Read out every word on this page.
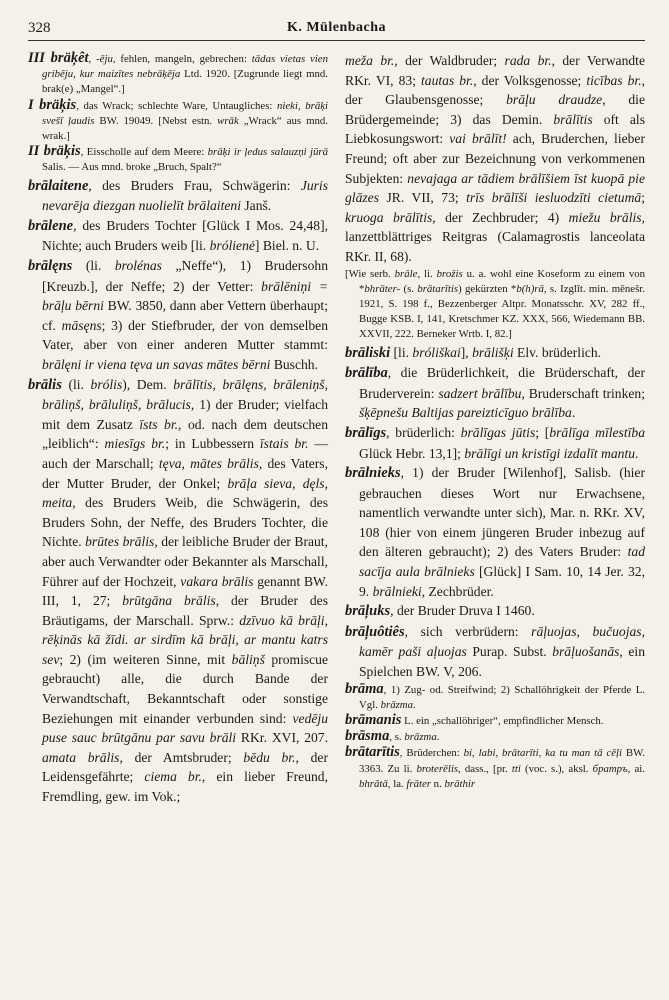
328	K. Mülenbacha

III bräķêt, -ēju, fehlen, mangeln, gebrechen: tādas vietas vien gribēju, kur maizītes nebrāķēja Ltd. 1920. [Zugrunde liegt mnd. brak(e) „Mangel“.]

I bräķis, das Wrack; schlechte Ware, Untaugliches: nieki, brāķi svešī ļaudis BW. 19049. [Nebst estn. wrāk „Wrack“ aus mnd. wrak.]

II bräķis, Eisscholle auf dem Meere: brāķi ir ļedus salauzņi jūrā Salis. — Aus mnd. broke „Bruch, Spalt?“

brālaitene, des Bruders Frau, Schwägerin: Juris nevarēja diezgan nuolielīt brālaiteni Janš.

brālene, des Bruders Tochter [Glück I Mos. 24,48], Nichte; auch Bruders weib [li. brólienė] Biel. n. U.

brālęns (li. brolénas „Neffe“), 1) Brudersohn [Kreuzb.], der Neffe; 2) der Vetter: brālēniņi = brāļu bērni BW. 3850, dann aber Vettern überhaupt; cf. māsęns; 3) der Stiefbruder, der von demselben Vater, aber von einer anderen Mutter stammt: brālęni ir viena tęva un savas mātes bērni Buschh.

brālis (li. brólis), Dem. brālītis, brālęns, brāleniņš, brāliņš, brāluliņš, brālucis, 1) der Bruder; vielfach mit dem Zusatz īsts br., od. nach dem deutschen „leiblich“: miesīgs br.; in Lubbessern īstais br. — auch der Marschall; tęva, mātes brālis, des Vaters, der Mutter Bruder, der Onkel; brāļa sieva, dęls, meita, des Bruders Weib, die Schwägerin, des Bruders Sohn, der Neffe, des Bruders Tochter, die Nichte. brūtes brālis, der leibliche Bruder der Braut, aber auch Verwandter oder Bekannter als Marschall, Führer auf der Hochzeit, vakara brālis genannt BW. III, 1, 27; brūtgāna brālis, der Bruder des Bräutigams, der Marschall. Sprw.: dzīvuo kā brāļi, rēķinās kā žīdi. ar sirdīm kā brāļi, ar mantu katrs sev; 2) (im weiteren Sinne, mit bāliņš promiscue gebraucht) alle, die durch Bande der Verwandtschaft, Bekanntschaft oder sonstige Beziehungen mit einander verbunden sind: vedēju puse sauc brūtgānu par savu brāli RKr. XVI, 207. amata brālis, der Amtsbruder; bēdu br., der Leidensgefährte; ciema br., ein lieber Freund, Fremdling, gew. im Vok.;

meža br., der Waldbruder; rada br., der Verwandte RKr. VI, 83; tautas br., der Volksgenosse; ticības br., der Glaubensgenosse; brāļu draudze, die Brüdergemeinde; 3) das Demin. brālītis oft als Liebkosungswort: vai brālīt! ach, Bruderchen, lieber Freund; oft aber zur Bezeichnung von verkommenen Subjekten: nevajaga ar tādiem brālīšiem īst kuopā pie glāzes JR. VII, 73; trīs brālīši iesluodzīti cietumā; kruoga brālītis, der Zechbruder; 4) miežu brālis, lanzettblättriges Reitgras (Calamagrostis lanceolata RKr. II, 68).

[Wie serb. brâle, li. brožis u. a. wohl eine Koseform zu einem von *bhrāter- (s. brātarītis) gekürzten *b(h)rā, s. Izglīt. min. mēnešr. 1921, S. 198 f., Bezzenberger Altpr. Monatsschr. XV, 282 ff., Bugge KSB. I, 141, Kretschmer KZ. XXX, 566, Wiedemann BB. XXVII, 222. Berneker Wrtb. I, 82.]

brāliski [li. bróliškai], brālišķi Elv. brüderlich.

brālība, die Brüderlichkeit, die Brüderschaft, der Bruderverein: sadzert brālību, Bruderschaft trinken; šķēpnešu Baltijas pareizticīguo brālība.

brālīgs, brüderlich: brālīgas jūtis; [brālīga mīlestība Glück Hebr. 13,1]; brālīgi un kristīgi izdalīt mantu.

brālnieks, 1) der Bruder [Wilenhof], Salisb. (hier gebrauchen dieses Wort nur Erwachsene, namentlich verwandte unter sich), Mar. n. RKr. XV, 108 (hier von einem jüngeren Bruder inbezug auf den älteren gebraucht); 2) des Vaters Bruder: tad sacīja aula brālnieks [Glück] I Sam. 10, 14 Jer. 32, 9. brālnieki, Zechbrüder.

brāļuks, der Bruder Druva I 1460.

brāļuôtiês, sich verbrüdern: rāļuojas, bučuojas, kamēr paši aļuojas Purap. Subst. brāļuošanās, ein Spielchen BW. V, 206.

brāma, 1) Zug- od. Streifwind; 2) Schallöhrigkeit der Pferde L. Vgl. brāzma.

brāmanis L. ein „schallöhriger“, empfindlicher Mensch.

brāsma, s. brāzma.

brātarītis, Brüderchen: bi, labi, brātarīti, ka tu man tā cēļi BW. 3363. Zu li. broterēlis, dass., [pr. tti (voc. s.), aksl. братръ, ai. bhrātā, la. frāter n. brāthir
